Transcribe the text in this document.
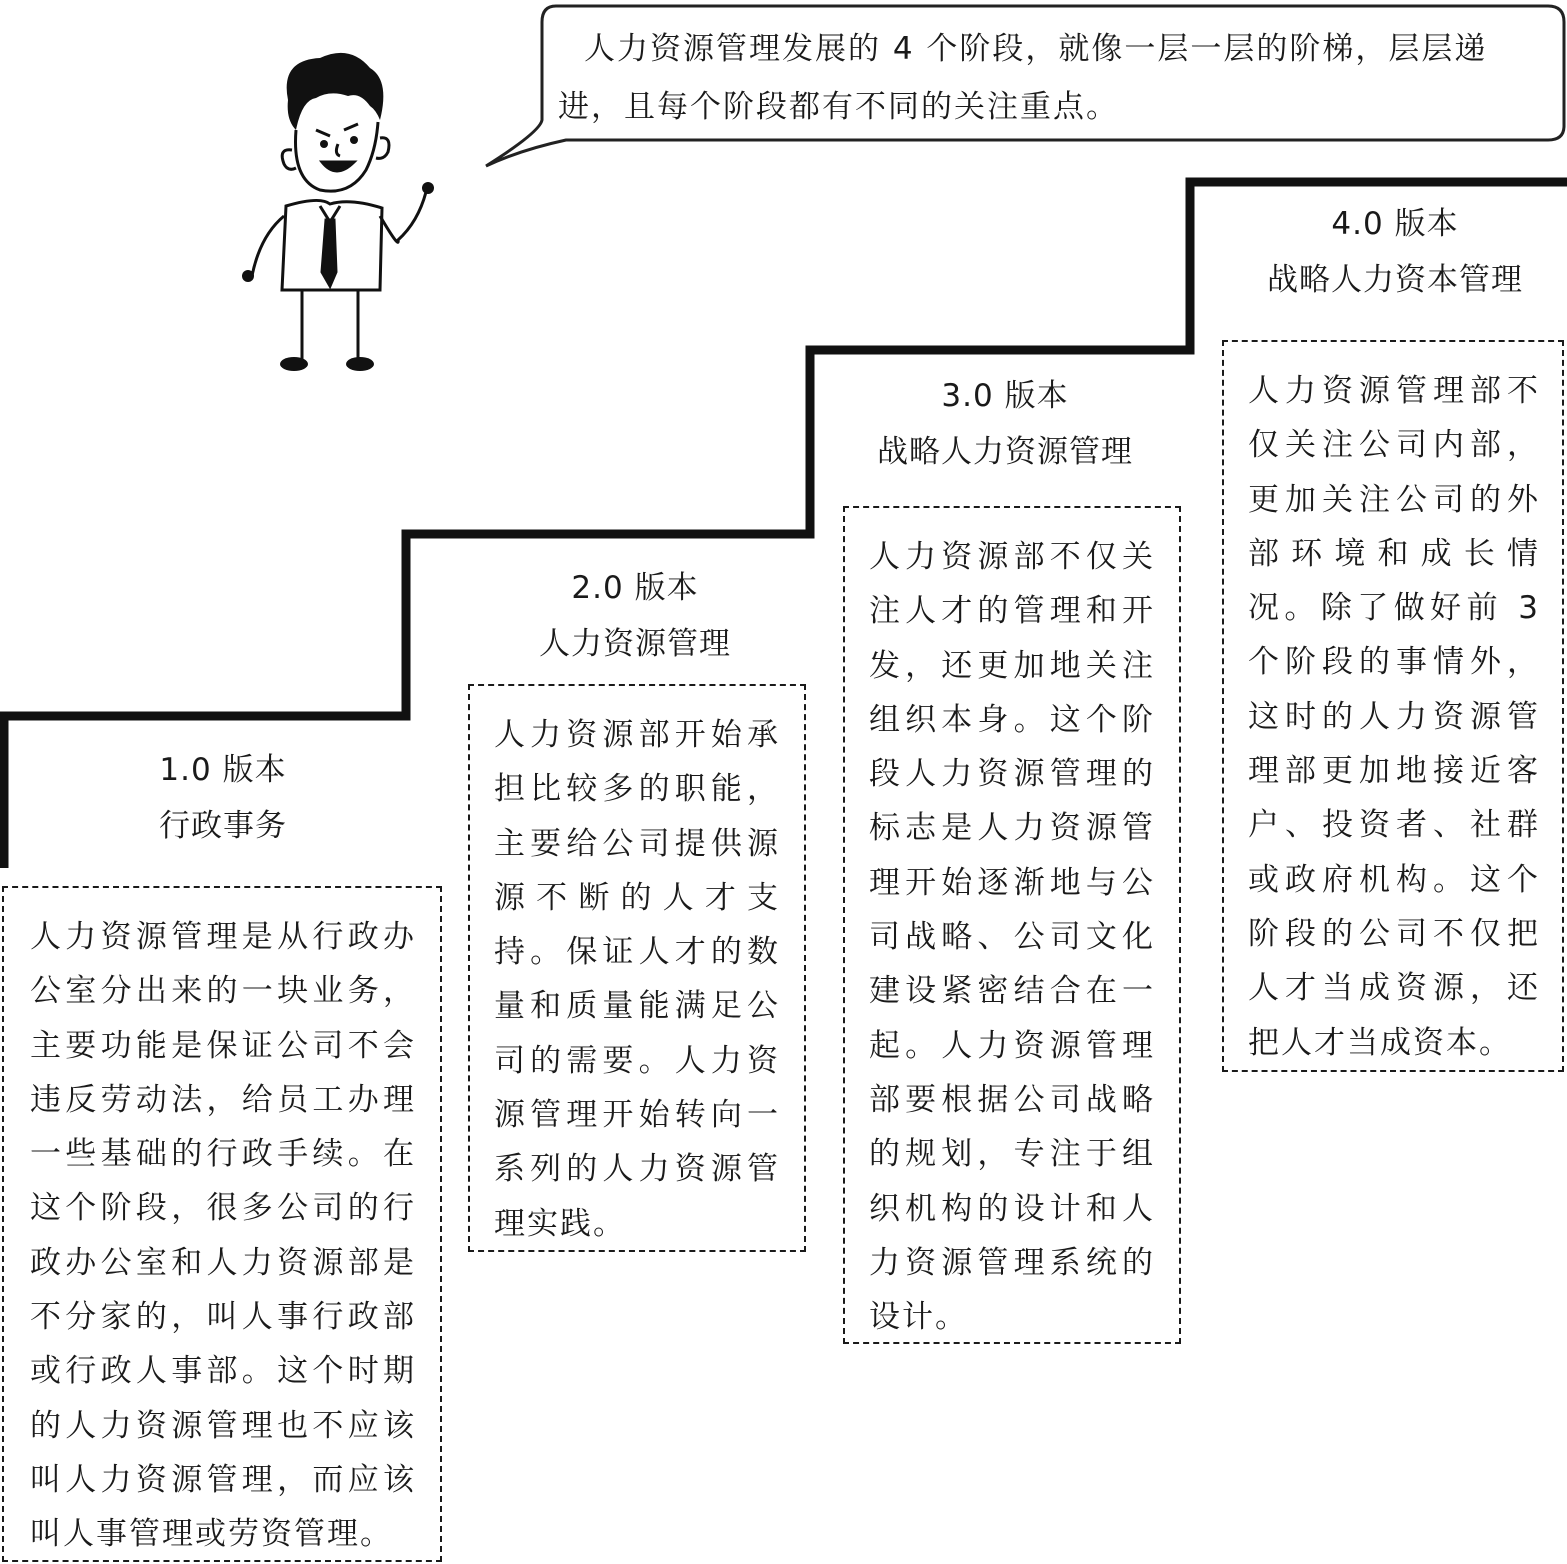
人力资源管理发展的 4 个阶段，就像一层一层的阶梯，层层递进，且每个阶段都有不同的关注重点。

1.0 版本
行政事务

人力资源管理是从行政办公室分出来的一块业务，主要功能是保证公司不会违反劳动法，给员工办理一些基础的行政手续。在这个阶段，很多公司的行政办公室和人力资源部是不分家的，叫人事行政部或行政人事部。这个时期的人力资源管理也不应该叫人力资源管理，而应该叫人事管理或劳资管理。

2.0 版本
人力资源管理

人力资源部开始承担比较多的职能，主要给公司提供源源不断的人才支持。保证人才的数量和质量能满足公司的需要。人力资源管理开始转向一系列的人力资源管理实践。

3.0 版本
战略人力资源管理

人力资源部不仅关注人才的管理和开发，还更加地关注组织本身。这个阶段人力资源管理的标志是人力资源管理开始逐渐地与公司战略、公司文化建设紧密结合在一起。人力资源管理部要根据公司战略的规划，专注于组织机构的设计和人力资源管理系统的设计。

4.0 版本
战略人力资本管理

人力资源管理部不仅关注公司内部，更加关注公司的外部环境和成长情况。除了做好前 3 个阶段的事情外，这时的人力资源管理部更加地接近客户、投资者、社群或政府机构。这个阶段的公司不仅把人才当成资源，还把人才当成资本。
